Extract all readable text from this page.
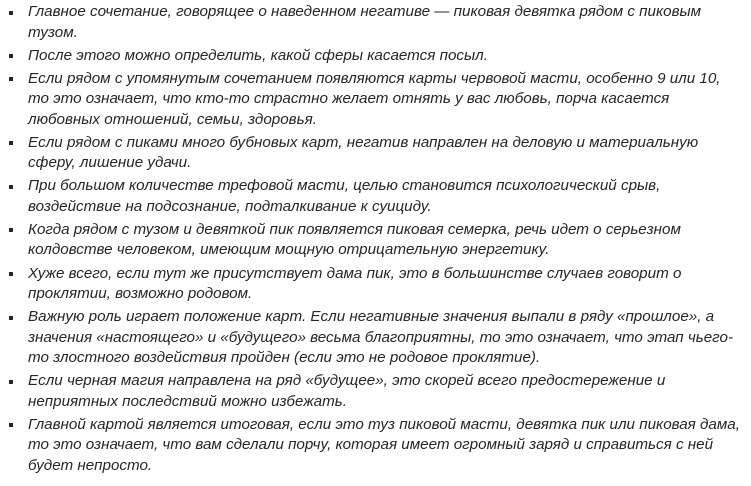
Главное сочетание, говорящее о наведенном негативе — пиковая девятка рядом с пиковым тузом.
После этого можно определить, какой сферы касается посыл.
Если рядом с упомянутым сочетанием появляются карты червовой масти, особенно 9 или 10, то это означает, что кто-то страстно желает отнять у вас любовь, порча касается любовных отношений, семьи, здоровья.
Если рядом с пиками много бубновых карт, негатив направлен на деловую и материальную сферу, лишение удачи.
При большом количестве трефовой масти, целью становится психологический срыв, воздействие на подсознание, подталкивание к суициду.
Когда рядом с тузом и девяткой пик появляется пиковая семерка, речь идет о серьезном колдовстве человеком, имеющим мощную отрицательную энергетику.
Хуже всего, если тут же присутствует дама пик, это в большинстве случаев говорит о проклятии, возможно родовом.
Важную роль играет положение карт. Если негативные значения выпали в ряду «прошлое», а значения «настоящего» и «будущего» весьма благоприятны, то это означает, что этап чьего-то злостного воздействия пройден (если это не родовое проклятие).
Если черная магия направлена на ряд «будущее», это скорей всего предостережение и неприятных последствий можно избежать.
Главной картой является итоговая, если это туз пиковой масти, девятка пик или пиковая дама, то это означает, что вам сделали порчу, которая имеет огромный заряд и справиться с ней будет непросто.
